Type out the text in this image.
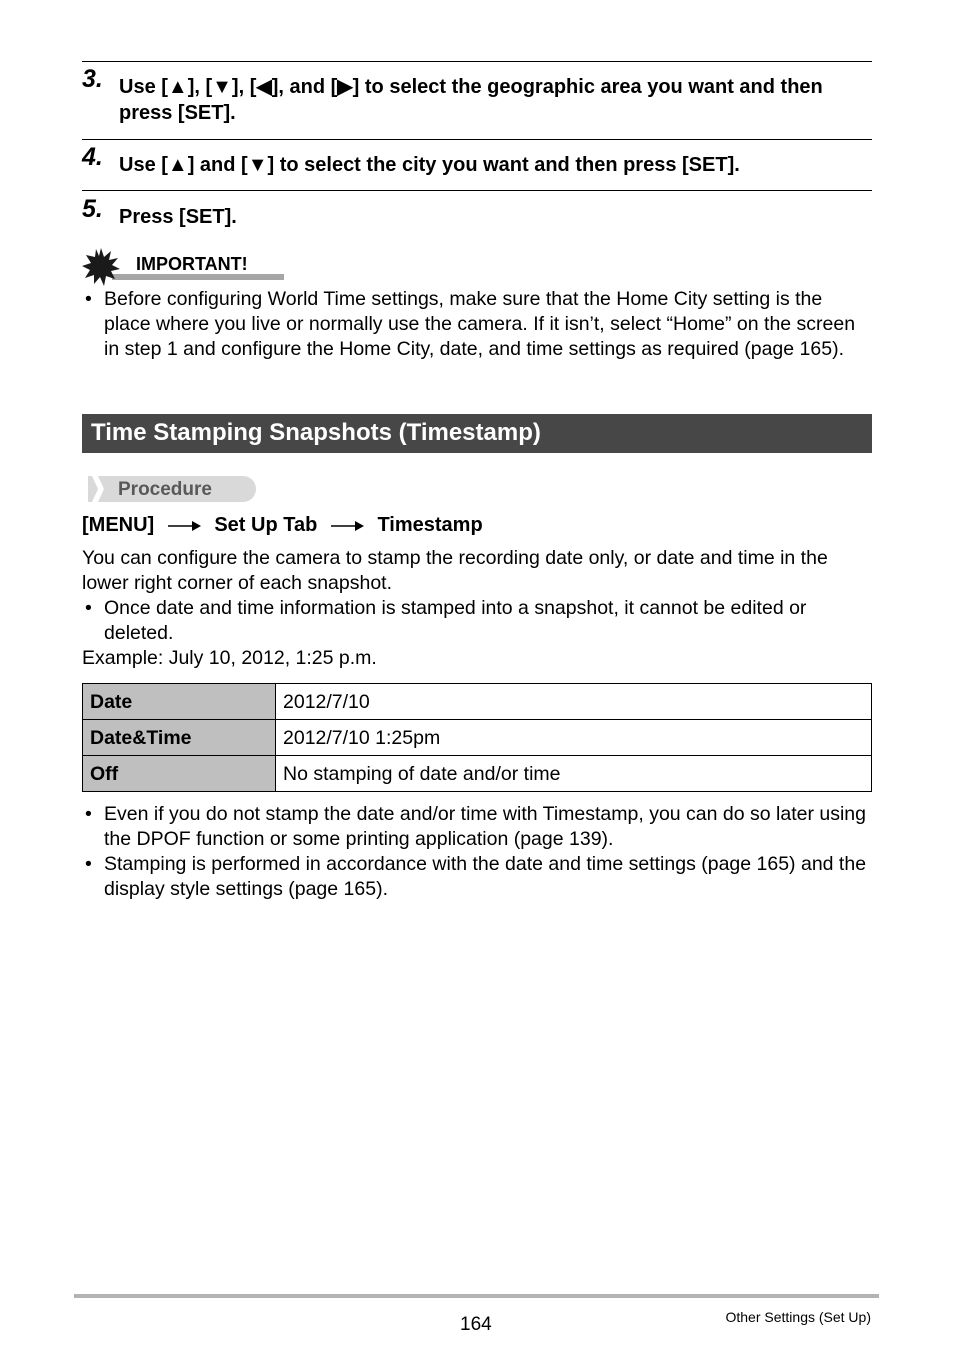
3. Use [▲], [▼], [◀], and [▶] to select the geographic area you want and then press [SET].
4. Use [▲] and [▼] to select the city you want and then press [SET].
5. Press [SET].
IMPORTANT!
• Before configuring World Time settings, make sure that the Home City setting is the place where you live or normally use the camera. If it isn’t, select “Home” on the screen in step 1 and configure the Home City, date, and time settings as required (page 165).
Time Stamping Snapshots (Timestamp)
Procedure
[MENU]	Set Up Tab	Timestamp
You can configure the camera to stamp the recording date only, or date and time in the lower right corner of each snapshot.
• Once date and time information is stamped into a snapshot, it cannot be edited or deleted.
Example: July 10, 2012, 1:25 p.m.
Date	2012/7/10
Date&Time	2012/7/10 1:25pm
Off	No stamping of date and/or time
• Even if you do not stamp the date and/or time with Timestamp, you can do so later using the DPOF function or some printing application (page 139).
• Stamping is performed in accordance with the date and time settings (page 165) and the display style settings (page 165).
164	Other Settings (Set Up)
